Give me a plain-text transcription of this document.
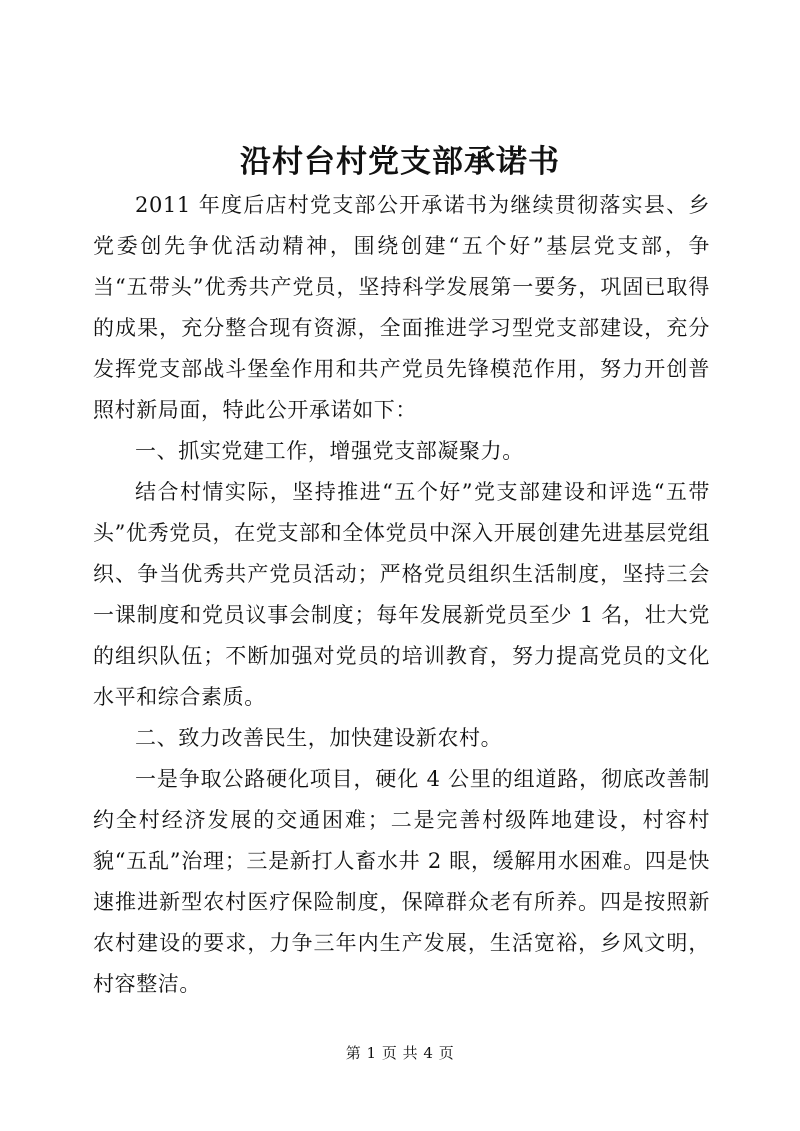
沿村台村党支部承诺书

2011 年度后店村党支部公开承诺书为继续贯彻落实县、乡党委创先争优活动精神，围绕创建“五个好”基层党支部，争当“五带头”优秀共产党员，坚持科学发展第一要务，巩固已取得的成果，充分整合现有资源，全面推进学习型党支部建设，充分发挥党支部战斗堡垒作用和共产党员先锋模范作用，努力开创普照村新局面，特此公开承诺如下：

一、抓实党建工作，增强党支部凝聚力。

结合村情实际，坚持推进“五个好”党支部建设和评选“五带头”优秀党员，在党支部和全体党员中深入开展创建先进基层党组织、争当优秀共产党员活动；严格党员组织生活制度，坚持三会一课制度和党员议事会制度；每年发展新党员至少 1 名，壮大党的组织队伍；不断加强对党员的培训教育，努力提高党员的文化水平和综合素质。

二、致力改善民生，加快建设新农村。

一是争取公路硬化项目，硬化 4 公里的组道路，彻底改善制约全村经济发展的交通困难；二是完善村级阵地建设，村容村貌“五乱”治理；三是新打人畜水井 2 眼，缓解用水困难。四是快速推进新型农村医疗保险制度，保障群众老有所养。四是按照新农村建设的要求，力争三年内生产发展，生活宽裕，乡风文明，村容整洁。

第 1 页 共 4 页
